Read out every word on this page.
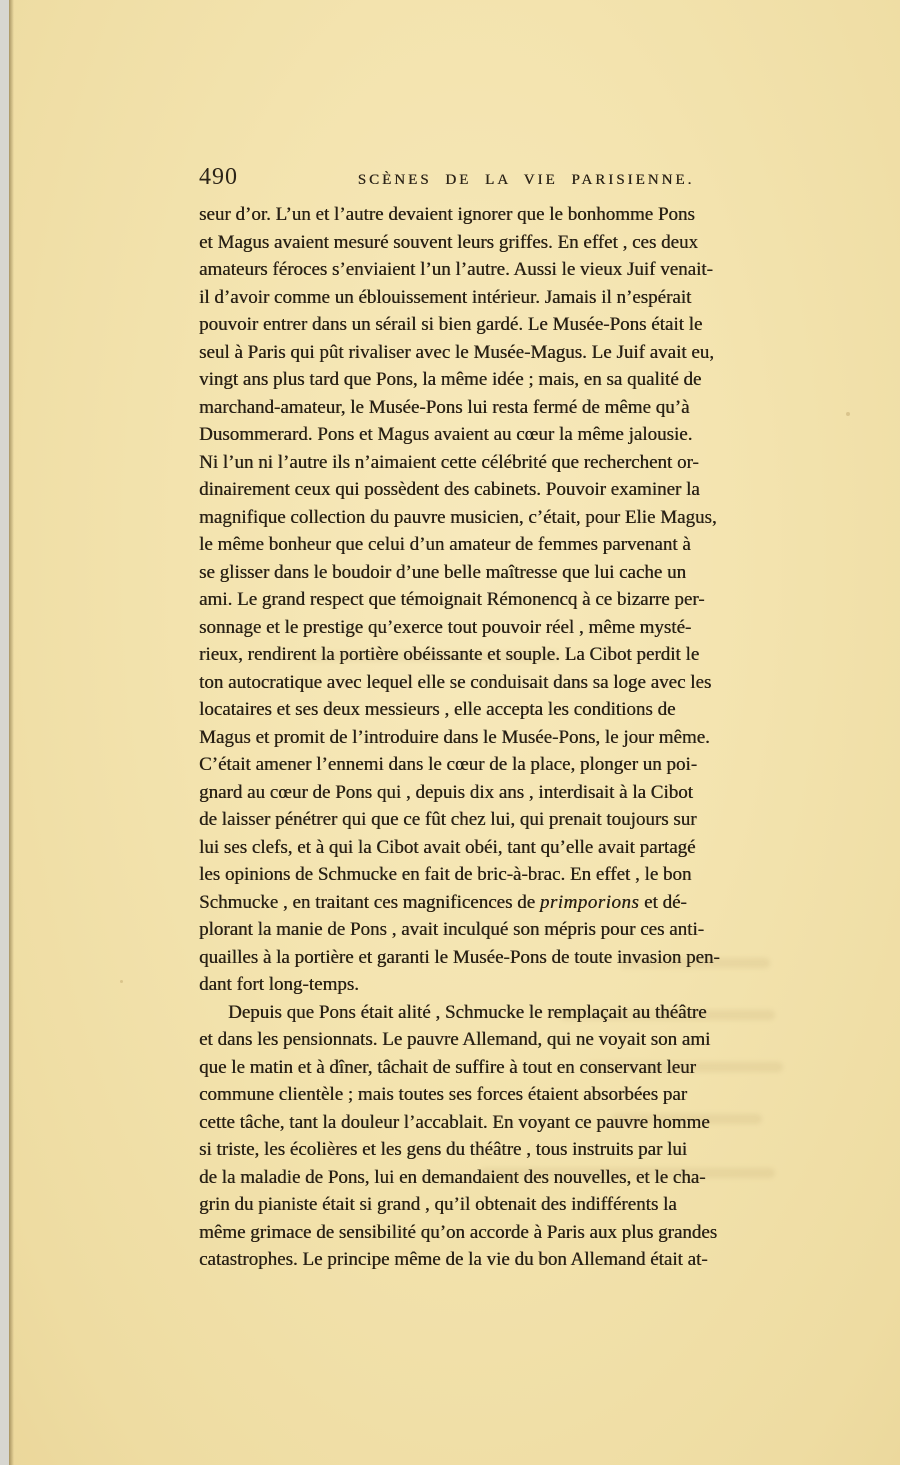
490	SCÈNES DE LA VIE PARISIENNE.
seur d’or. L’un et l’autre devaient ignorer que le bonhomme Pons
et Magus avaient mesuré souvent leurs griffes. En effet , ces deux
amateurs féroces s’enviaient l’un l’autre. Aussi le vieux Juif venait-
il d’avoir comme un éblouissement intérieur. Jamais il n’espérait
pouvoir entrer dans un sérail si bien gardé. Le Musée-Pons était le
seul à Paris qui pût rivaliser avec le Musée-Magus. Le Juif avait eu,
vingt ans plus tard que Pons, la même idée ; mais, en sa qualité de
marchand-amateur, le Musée-Pons lui resta fermé de même qu’à
Dusommerard. Pons et Magus avaient au cœur la même jalousie.
Ni l’un ni l’autre ils n’aimaient cette célébrité que recherchent or-
dinairement ceux qui possèdent des cabinets. Pouvoir examiner la
magnifique collection du pauvre musicien, c’était, pour Elie Magus,
le même bonheur que celui d’un amateur de femmes parvenant à
se glisser dans le boudoir d’une belle maîtresse que lui cache un
ami. Le grand respect que témoignait Rémonencq à ce bizarre per-
sonnage et le prestige qu’exerce tout pouvoir réel , même mysté-
rieux, rendirent la portière obéissante et souple. La Cibot perdit le
ton autocratique avec lequel elle se conduisait dans sa loge avec les
locataires et ses deux messieurs , elle accepta les conditions de
Magus et promit de l’introduire dans le Musée-Pons, le jour même.
C’était amener l’ennemi dans le cœur de la place, plonger un poi-
gnard au cœur de Pons qui , depuis dix ans , interdisait à la Cibot
de laisser pénétrer qui que ce fût chez lui, qui prenait toujours sur
lui ses clefs, et à qui la Cibot avait obéi, tant qu’elle avait partagé
les opinions de Schmucke en fait de bric-à-brac. En effet , le bon
Schmucke , en traitant ces magnificences de primporions et dé-
plorant la manie de Pons , avait inculqué son mépris pour ces anti-
quailles à la portière et garanti le Musée-Pons de toute invasion pen-
dant fort long-temps.
Depuis que Pons était alité , Schmucke le remplaçait au théâtre
et dans les pensionnats. Le pauvre Allemand, qui ne voyait son ami
que le matin et à dîner, tâchait de suffire à tout en conservant leur
commune clientèle ; mais toutes ses forces étaient absorbées par
cette tâche, tant la douleur l’accablait. En voyant ce pauvre homme
si triste, les écolières et les gens du théâtre , tous instruits par lui
de la maladie de Pons, lui en demandaient des nouvelles, et le cha-
grin du pianiste était si grand , qu’il obtenait des indifférents la
même grimace de sensibilité qu’on accorde à Paris aux plus grandes
catastrophes. Le principe même de la vie du bon Allemand était at-
